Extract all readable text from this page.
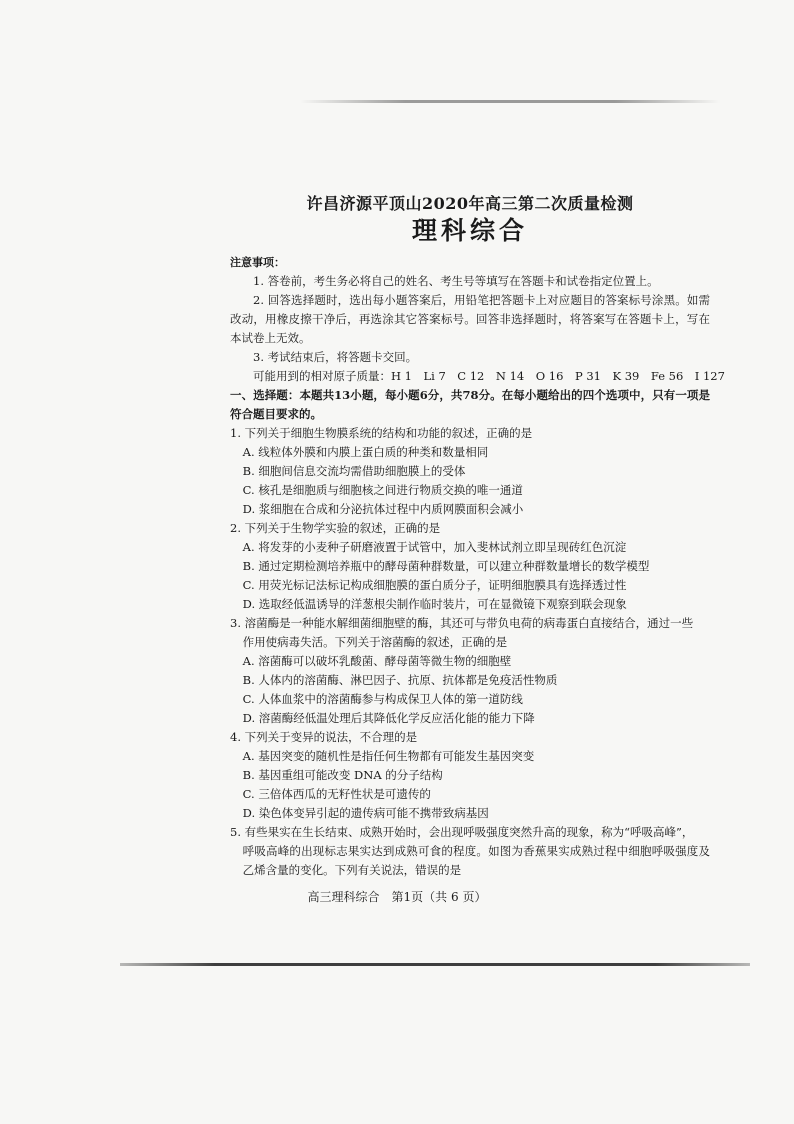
许昌济源平顶山2020年高三第二次质量检测
理科综合

注意事项：

1. 答卷前，考生务必将自己的姓名、考生号等填写在答题卡和试卷指定位置上。

2. 回答选择题时，选出每小题答案后，用铅笔把答题卡上对应题目的答案标号涂黑。如需改动，用橡皮擦干净后，再选涂其它答案标号。回答非选择题时，将答案写在答题卡上，写在本试卷上无效。

3. 考试结束后，将答题卡交回。

可能用到的相对原子质量：H 1　Li 7　C 12　N 14　O 16　P 31　K 39　Fe 56　I 127

一、选择题：本题共13小题，每小题6分，共78分。在每小题给出的四个选项中，只有一项是符合题目要求的。

1. 下列关于细胞生物膜系统的结构和功能的叙述，正确的是

A. 线粒体外膜和内膜上蛋白质的种类和数量相同

B. 细胞间信息交流均需借助细胞膜上的受体

C. 核孔是细胞质与细胞核之间进行物质交换的唯一通道

D. 浆细胞在合成和分泌抗体过程中内质网膜面积会减小

2. 下列关于生物学实验的叙述，正确的是

A. 将发芽的小麦种子研磨液置于试管中，加入斐林试剂立即呈现砖红色沉淀

B. 通过定期检测培养瓶中的酵母菌种群数量，可以建立种群数量增长的数学模型

C. 用荧光标记法标记构成细胞膜的蛋白质分子，证明细胞膜具有选择透过性

D. 选取经低温诱导的洋葱根尖制作临时装片，可在显微镜下观察到联会现象

3. 溶菌酶是一种能水解细菌细胞壁的酶，其还可与带负电荷的病毒蛋白直接结合，通过一些

作用使病毒失活。下列关于溶菌酶的叙述，正确的是

A. 溶菌酶可以破坏乳酸菌、酵母菌等微生物的细胞壁

B. 人体内的溶菌酶、淋巴因子、抗原、抗体都是免疫活性物质

C. 人体血浆中的溶菌酶参与构成保卫人体的第一道防线

D. 溶菌酶经低温处理后其降低化学反应活化能的能力下降

4. 下列关于变异的说法，不合理的是

A. 基因突变的随机性是指任何生物都有可能发生基因突变

B. 基因重组可能改变 DNA 的分子结构

C. 三倍体西瓜的无籽性状是可遗传的

D. 染色体变异引起的遗传病可能不携带致病基因

5. 有些果实在生长结束、成熟开始时，会出现呼吸强度突然升高的现象，称为“呼吸高峰”，

呼吸高峰的出现标志果实达到成熟可食的程度。如图为香蕉果实成熟过程中细胞呼吸强度及乙烯含量的变化。下列有关说法，错误的是

高三理科综合　第1页（共 6 页）
